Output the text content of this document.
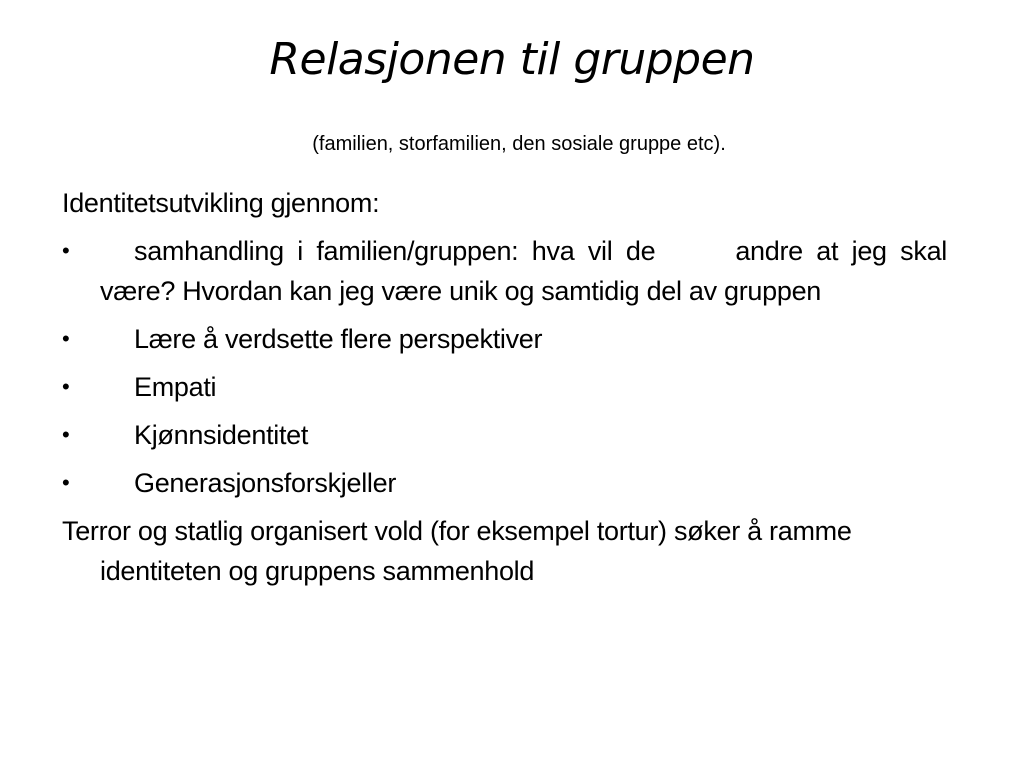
Relasjonen til gruppen

(familien, storfamilien, den sosiale gruppe etc).

Identitetsutvikling gjennom:

•	samhandling i familien/gruppen: hva vil de	andre at jeg skal være? Hvordan kan jeg være unik og samtidig del av gruppen
•	Lære å verdsette flere perspektiver
•	Empati
•	Kjønnsidentitet
•	Generasjonsforskjeller

Terror og statlig organisert vold (for eksempel tortur) søker å ramme identiteten og gruppens sammenhold
